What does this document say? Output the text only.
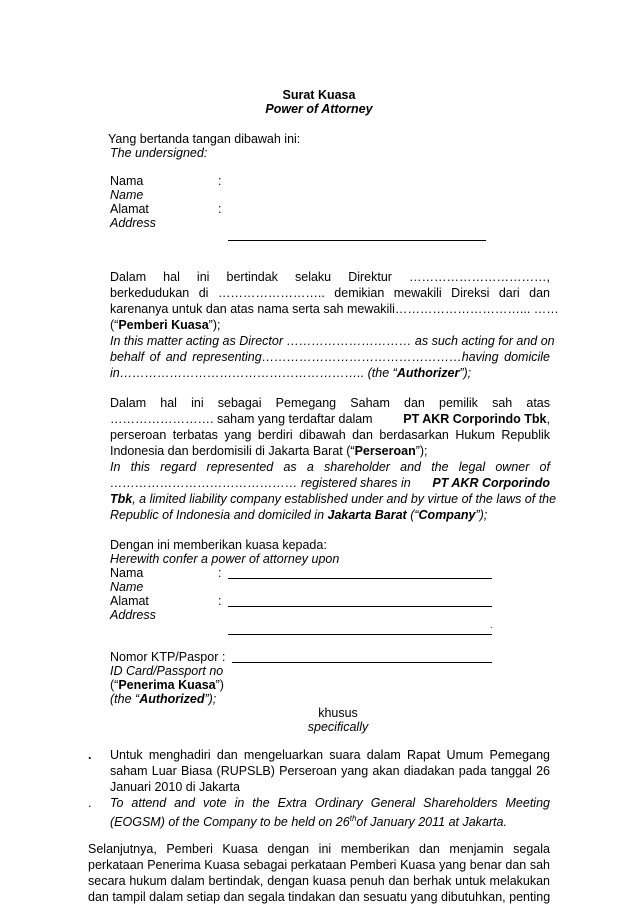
Surat Kuasa
Power of Attorney
Yang bertanda tangan dibawah ini:
The undersigned:
Nama	:
Name
Alamat	:
Address
Dalam hal ini bertindak selaku Direktur ……………………………,
berkedudukan di …………………….. demikian mewakili Direksi dari dan
karenanya untuk dan atas nama serta sah mewakili…………………………... ……
(“Pemberi Kuasa”);
In this matter acting as Director ………………………… as such acting for and on
behalf of and representing…………………………………………having domicile
in………………………………………………….. (the “Authorizer”);
Dalam hal ini sebagai Pemegang Saham dan pemilik sah atas
……………………. saham yang terdaftar dalam PT AKR Corporindo Tbk,
perseroan terbatas yang berdiri dibawah dan berdasarkan Hukum Republik
Indonesia dan berdomisili di Jakarta Barat (“Perseroan”);
In this regard represented as a shareholder and the legal owner of
……………………………………… registered shares in PT AKR Corporindo
Tbk, a limited liability company established under and by virtue of the laws of the
Republic of Indonesia and domiciled in Jakarta Barat (“Company”);
Dengan ini memberikan kuasa kepada:
Herewith confer a power of attorney upon
Nama	:
Name
Alamat	:
Address
.
Nomor KTP/Paspor :
ID Card/Passport no
(“Penerima Kuasa”)
(the “Authorized”);
khusus
specifically
. Untuk menghadiri dan mengeluarkan suara dalam Rapat Umum Pemegang
saham Luar Biasa (RUPSLB) Perseroan yang akan diadakan pada tanggal 26
Januari 2010 di Jakarta
. To attend and vote in the Extra Ordinary General Shareholders Meeting
(EOGSM) of the Company to be held on 26thof January 2011 at Jakarta.
Selanjutnya, Pemberi Kuasa dengan ini memberikan dan menjamin segala
perkataan Penerima Kuasa sebagai perkataan Pemberi Kuasa yang benar dan sah
secara hukum dalam bertindak, dengan kuasa penuh dan berhak untuk melakukan
dan tampil dalam setiap dan segala tindakan dan sesuatu yang dibutuhkan, penting
